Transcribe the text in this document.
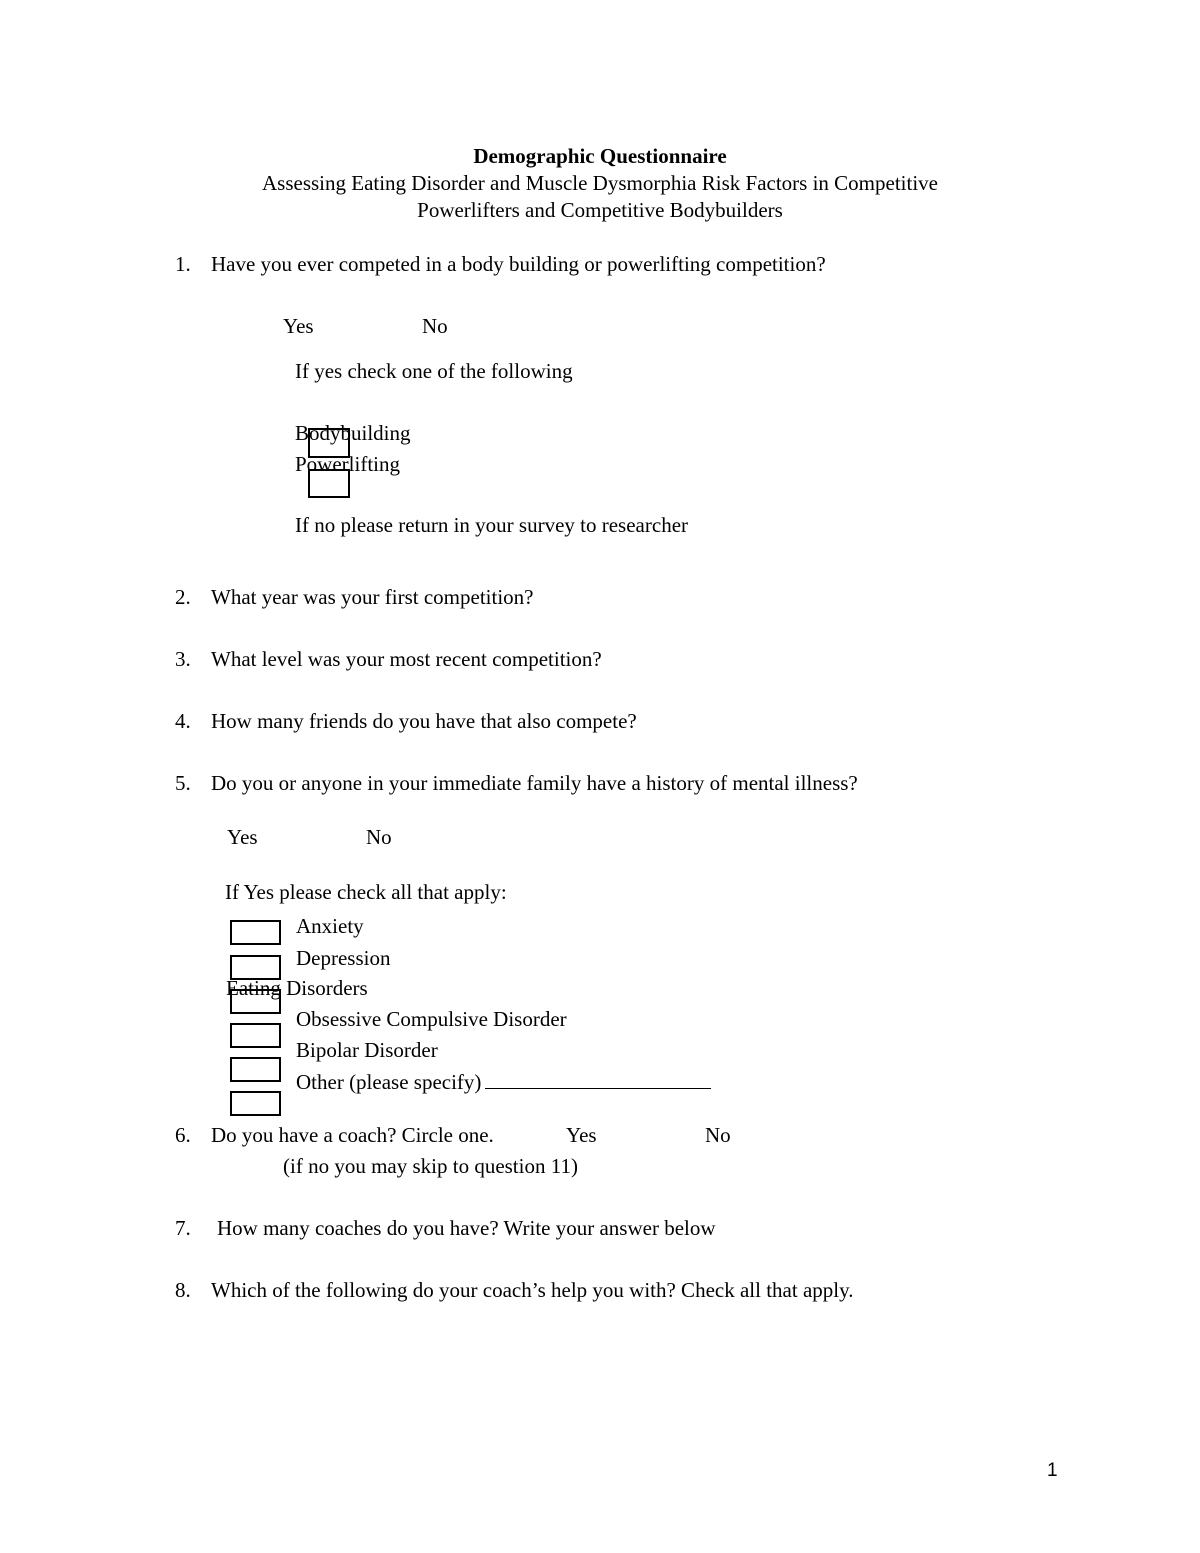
Demographic Questionnaire
Assessing Eating Disorder and Muscle Dysmorphia Risk Factors in Competitive
Powerlifters and Competitive Bodybuilders
1. Have you ever competed in a body building or powerlifting competition?
Yes	No
If yes check one of the following
Bodybuilding
Powerlifting
If no please return in your survey to researcher
2. What year was your first competition?
3. What level was your most recent competition?
4. How many friends do you have that also compete?
5. Do you or anyone in your immediate family have a history of mental illness?
Yes	No
If Yes please check all that apply:
Anxiety
Depression
Eating Disorders
Obsessive Compulsive Disorder
Bipolar Disorder
Other (please specify)
6. Do you have a coach? Circle one.	Yes	No
(if no you may skip to question 11)
7. How many coaches do you have? Write your answer below
8. Which of the following do your coach’s help you with? Check all that apply.
1
